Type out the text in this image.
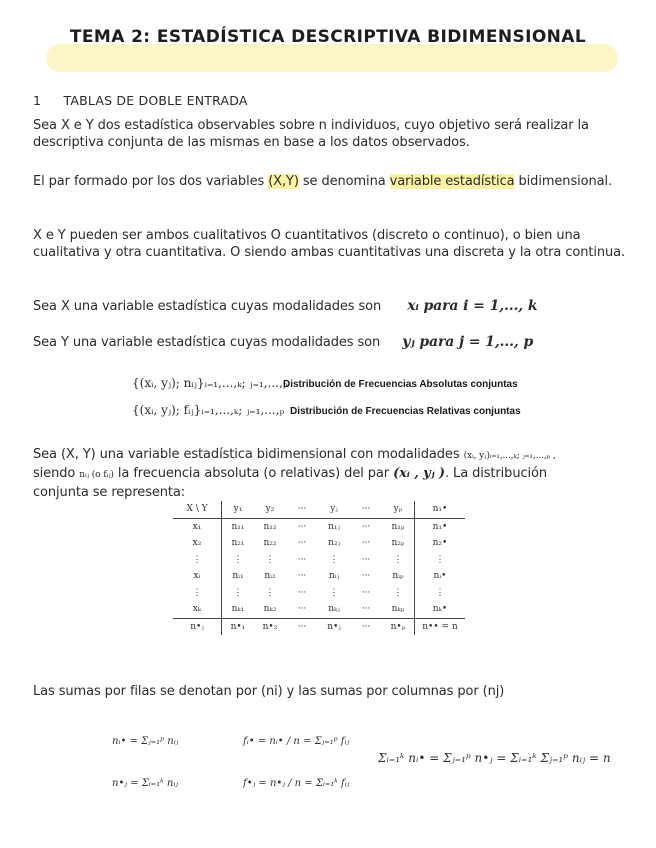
TEMA 2: ESTADÍSTICA DESCRIPTIVA BIDIMENSIONAL
1 TABLAS DE DOBLE ENTRADA
Sea X e Y dos estadística observables sobre n individuos, cuyo objetivo será realizar la descriptiva conjunta de las mismas en base a los datos observados.
El par formado por los dos variables (X,Y) se denomina variable estadística bidimensional.
X e Y pueden ser ambos cualitativos O cuantitativos (discreto o continuo), o bien una cualitativa y otra cuantitativa. O siendo ambas cuantitativas una discreta y la otra continua.
Sea X una variable estadística cuyas modalidades son xᵢ para i = 1,..., k
Sea Y una variable estadística cuyas modalidades son yⱼ para j = 1,..., p
{(xᵢ, yⱼ); nᵢⱼ}ᵢ₌₁,...,ₖ; ⱼ₌₁,...,ₚ
Distribución de Frecuencias Absolutas conjuntas
{(xᵢ, yⱼ); fᵢⱼ}ᵢ₌₁,...,ₖ; ⱼ₌₁,...,ₚ Distribución de Frecuencias Relativas conjuntas
Sea (X, Y) una variable estadística bidimensional con modalidades (xᵢ, yⱼ)ᵢ₌₁,...,ₖ; ⱼ₌₁,...,ₚ ,
siendo nᵢⱼ (o fᵢⱼ) la frecuencia absoluta (o relativas) del par (xᵢ , yⱼ ). La distribución
conjunta se representa:
X \ Y	y₁	y₂	···	yⱼ	···	yₚ	n₁•
x₁	n₁₁	n₁₂	···	n₁ⱼ	···	n₁ₚ	n₁•
x₂	n₂₁	n₂₂	···	n₂ⱼ	···	n₂ₚ	n₂•
⋮	⋮	⋮	···	⋮	···	⋮	⋮
xᵢ	nᵢ₁	nᵢ₂	···	nᵢⱼ	···	nᵢₚ	nᵢ•
⋮	⋮	⋮	···	⋮	···	⋮	⋮
xₖ	nₖ₁	nₖ₂	···	nₖⱼ	···	nₖₚ	nₖ•
n•ⱼ	n•₁	n•₂	···	n•ⱼ	···	n•ₚ	n•• = n
Las sumas por filas se denotan por (ni) y las sumas por columnas por (nj)
nᵢ• = Σⱼ₌₁ᵖ nᵢⱼ
n•ⱼ = Σᵢ₌₁ᵏ nᵢⱼ
fᵢ• = nᵢ• / n = Σⱼ₌₁ᵖ fᵢⱼ
f•ⱼ = n•ⱼ / n = Σᵢ₌₁ᵏ fᵢⱼ
Σᵢ₌₁ᵏ nᵢ• = Σⱼ₌₁ᵖ n•ⱼ = Σᵢ₌₁ᵏ Σⱼ₌₁ᵖ nᵢⱼ = n
